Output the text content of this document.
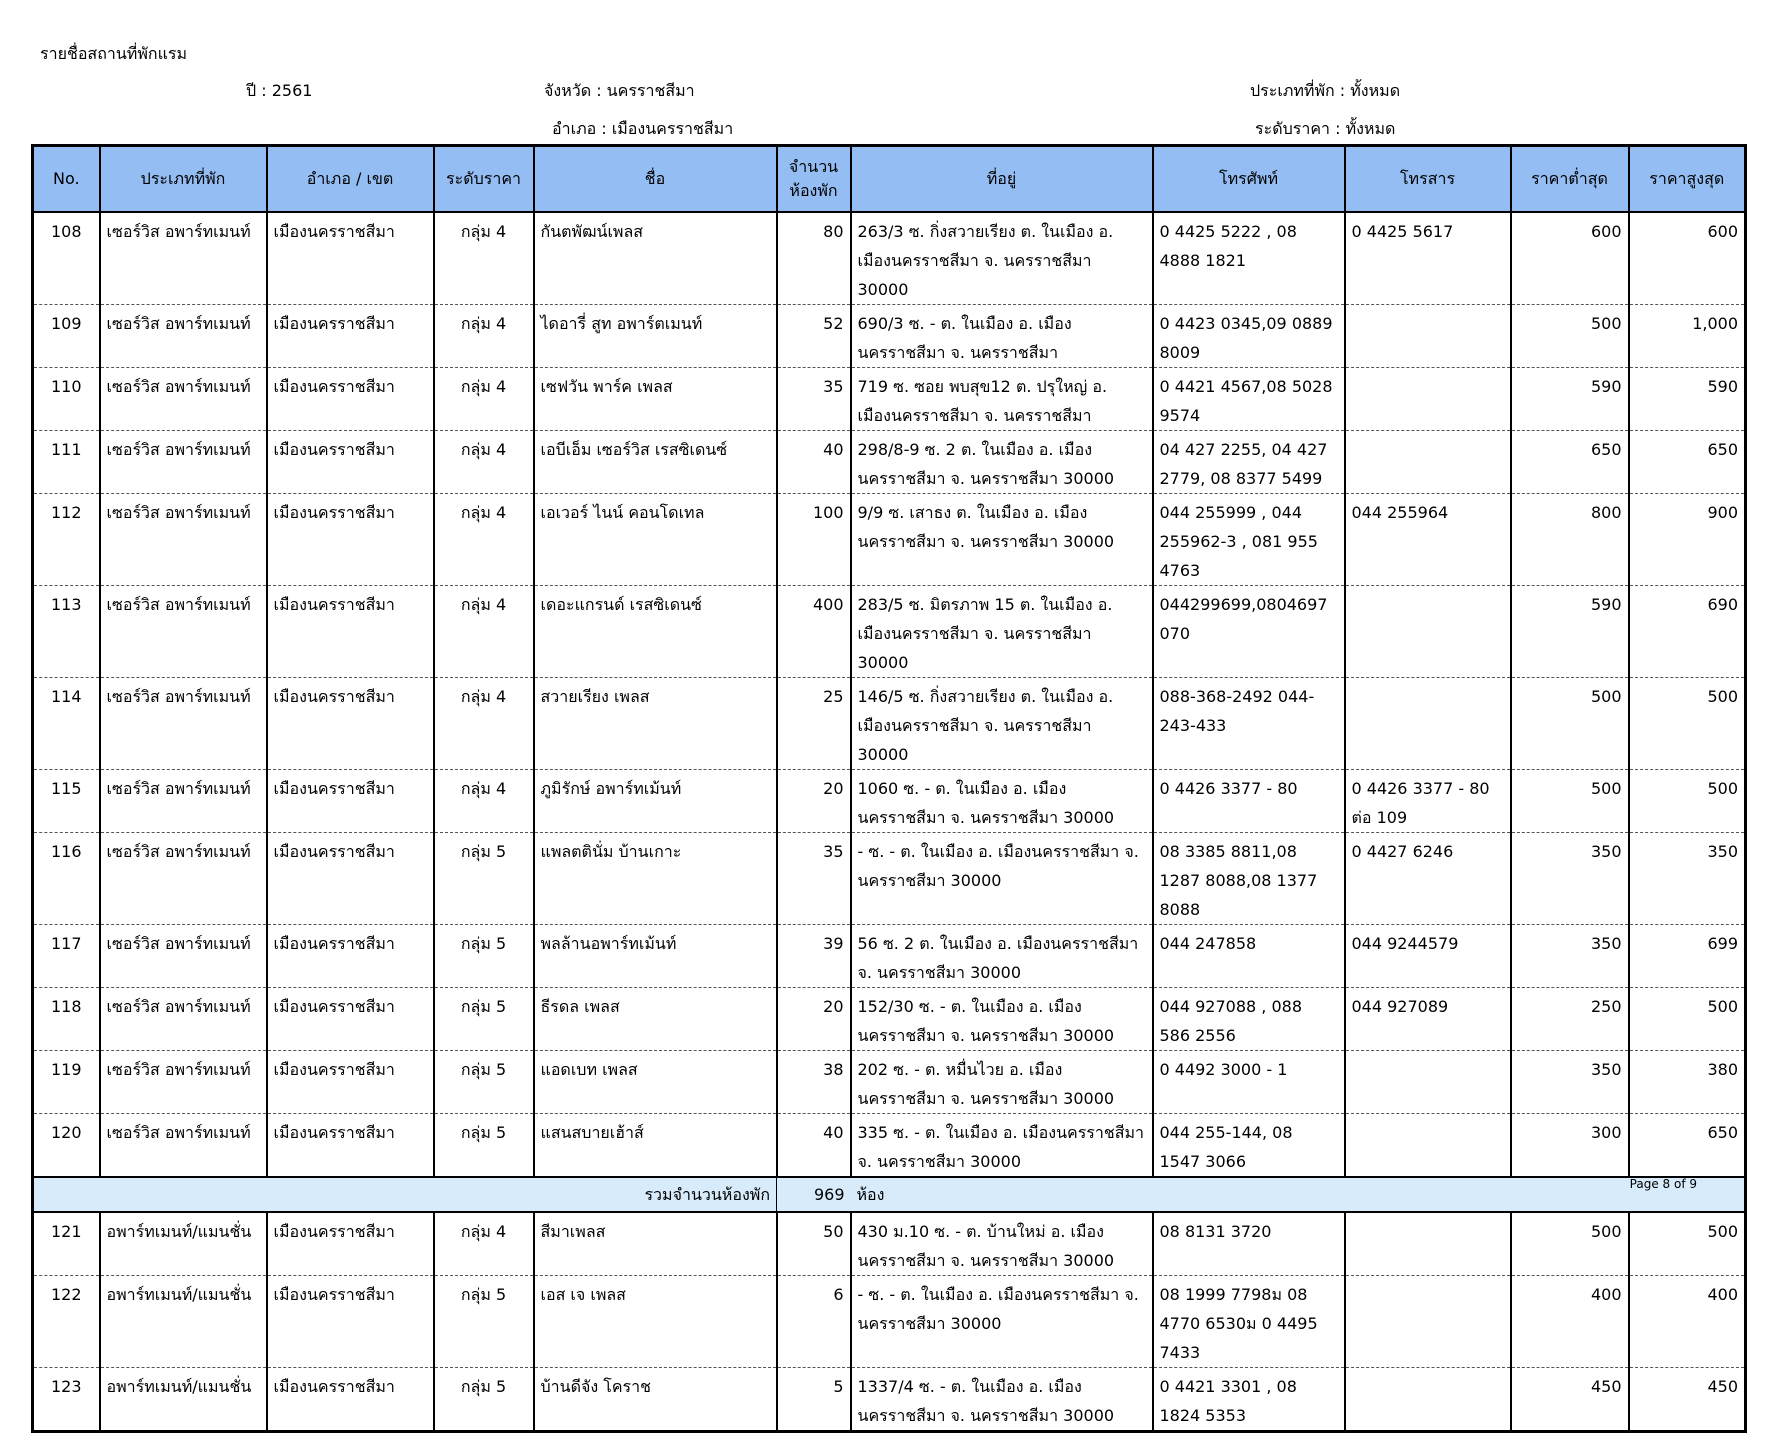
รายชื่อสถานที่พักแรม
ปี : 2561	จังหวัด : นครราชสีมา
อำเภอ : เมืองนครราชสีมา
ประเภทที่พัก : ทั้งหมด
ระดับราคา : ทั้งหมด
No.	ประเภทที่พัก	อำเภอ / เขต	ระดับราคา	ชื่อ	จำนวน
ห้องพัก	ที่อยู่	โทรศัพท์	โทรสาร	ราคาต่ำสุด	ราคาสูงสุด
108	เซอร์วิส อพาร์ทเมนท์	เมืองนครราชสีมา	กลุ่ม 4	กันตพัฒน์เพลส	80	263/3 ซ. กิ่งสวายเรียง ต. ในเมือง อ. เมืองนครราชสีมา จ. นครราชสีมา 30000	0 4425 5222 , 08 4888 1821	0 4425 5617	600	600
109	เซอร์วิส อพาร์ทเมนท์	เมืองนครราชสีมา	กลุ่ม 4	ไดอารี่ สูท อพาร์ตเมนท์	52	690/3 ซ. - ต. ในเมือง อ. เมืองนครราชสีมา จ. นครราชสีมา	0 4423 0345,09 0889 8009		500	1,000
110	เซอร์วิส อพาร์ทเมนท์	เมืองนครราชสีมา	กลุ่ม 4	เซฟวัน พาร์ค เพลส	35	719 ซ. ซอย พบสุข12 ต. ปรุใหญ่ อ. เมืองนครราชสีมา จ. นครราชสีมา	0 4421 4567,08 5028 9574		590	590
111	เซอร์วิส อพาร์ทเมนท์	เมืองนครราชสีมา	กลุ่ม 4	เอบีเอ็ม เซอร์วิส เรสซิเดนซ์	40	298/8-9 ซ. 2 ต. ในเมือง อ. เมืองนครราชสีมา จ. นครราชสีมา 30000	04 427 2255, 04 427 2779, 08 8377 5499		650	650
112	เซอร์วิส อพาร์ทเมนท์	เมืองนครราชสีมา	กลุ่ม 4	เอเวอร์ ไนน์ คอนโดเทล	100	9/9 ซ. เสาธง ต. ในเมือง อ. เมืองนครราชสีมา จ. นครราชสีมา 30000	044 255999 , 044 255962-3 , 081 955 4763	044 255964	800	900
113	เซอร์วิส อพาร์ทเมนท์	เมืองนครราชสีมา	กลุ่ม 4	เดอะแกรนด์ เรสซิเดนซ์	400	283/5 ซ. มิตรภาพ 15 ต. ในเมือง อ. เมืองนครราชสีมา จ. นครราชสีมา 30000	044299699,0804697070		590	690
114	เซอร์วิส อพาร์ทเมนท์	เมืองนครราชสีมา	กลุ่ม 4	สวายเรียง เพลส	25	146/5 ซ. กิ่งสวายเรียง ต. ในเมือง อ. เมืองนครราชสีมา จ. นครราชสีมา 30000	088-368-2492 044-243-433		500	500
115	เซอร์วิส อพาร์ทเมนท์	เมืองนครราชสีมา	กลุ่ม 4	ภูมิรักษ์ อพาร์ทเม้นท์	20	1060 ซ. - ต. ในเมือง อ. เมืองนครราชสีมา จ. นครราชสีมา 30000	0 4426 3377 - 80	0 4426 3377 - 80 ต่อ 109	500	500
116	เซอร์วิส อพาร์ทเมนท์	เมืองนครราชสีมา	กลุ่ม 5	แพลตตินั่ม บ้านเกาะ	35	- ซ. - ต. ในเมือง อ. เมืองนครราชสีมา จ. นครราชสีมา 30000	08 3385 8811,08 1287 8088,08 1377 8088	0 4427 6246	350	350
117	เซอร์วิส อพาร์ทเมนท์	เมืองนครราชสีมา	กลุ่ม 5	พลล้านอพาร์ทเม้นท์	39	56 ซ. 2 ต. ในเมือง อ. เมืองนครราชสีมา จ. นครราชสีมา 30000	044 247858	044 9244579	350	699
118	เซอร์วิส อพาร์ทเมนท์	เมืองนครราชสีมา	กลุ่ม 5	ธีรดล เพลส	20	152/30 ซ. - ต. ในเมือง อ. เมืองนครราชสีมา จ. นครราชสีมา 30000	044 927088 , 088 586 2556	044 927089	250	500
119	เซอร์วิส อพาร์ทเมนท์	เมืองนครราชสีมา	กลุ่ม 5	แอดเบท เพลส	38	202 ซ. - ต. หมื่นไวย อ. เมืองนครราชสีมา จ. นครราชสีมา 30000	0 4492 3000 - 1		350	380
120	เซอร์วิส อพาร์ทเมนท์	เมืองนครราชสีมา	กลุ่ม 5	แสนสบายเฮ้าส์	40	335 ซ. - ต. ในเมือง อ. เมืองนครราชสีมา จ. นครราชสีมา 30000	044 255-144, 08 1547 3066		300	650
รวมจำนวนห้องพัก					969	ห้อง				
121	อพาร์ทเมนท์/แมนชั่น	เมืองนครราชสีมา	กลุ่ม 4	สีมาเพลส	50	430 ม.10 ซ. - ต. บ้านใหม่ อ. เมืองนครราชสีมา จ. นครราชสีมา 30000	08 8131 3720		500	500
122	อพาร์ทเมนท์/แมนชั่น	เมืองนครราชสีมา	กลุ่ม 5	เอส เจ เพลส	6	- ซ. - ต. ในเมือง อ. เมืองนครราชสีมา จ. นครราชสีมา 30000	08 1999 7798ม 08 4770 6530ม 0 4495 7433		400	400
123	อพาร์ทเมนท์/แมนชั่น	เมืองนครราชสีมา	กลุ่ม 5	บ้านดีจัง โคราช	5	1337/4 ซ. - ต. ในเมือง อ. เมืองนครราชสีมา จ. นครราชสีมา 30000	0 4421 3301 , 08 1824 5353		450	450
Page 8 of 9
